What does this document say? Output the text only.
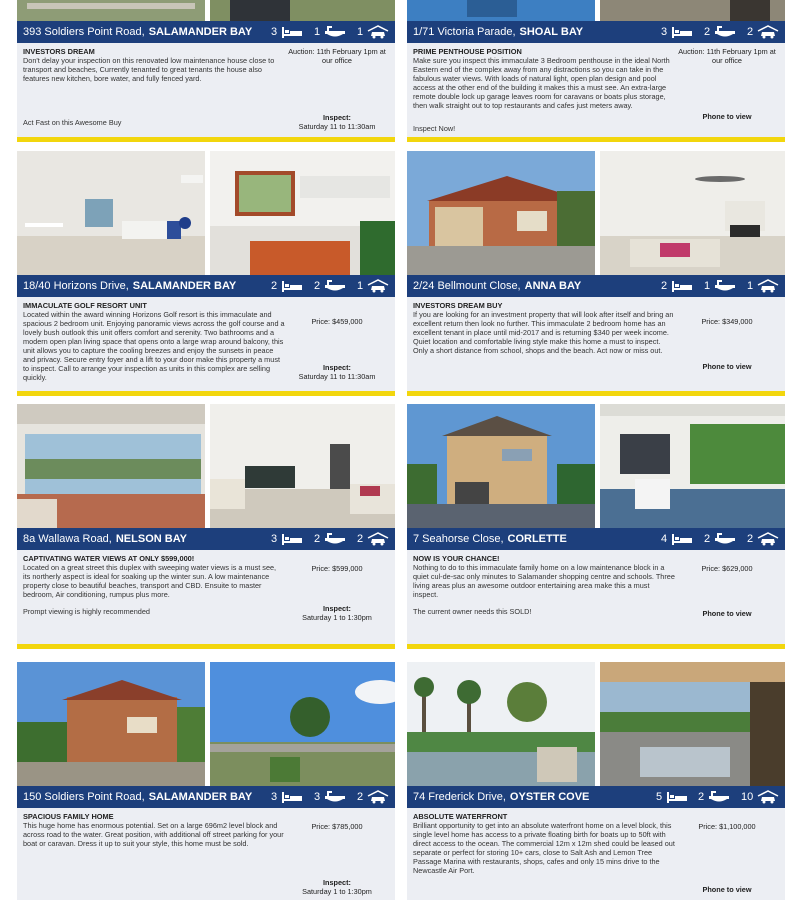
393 Soldiers Point Road, SALAMANDER BAY 3	1	1
INVESTORS DREAM
Don't delay your inspection on this renovated low maintenance house close to transport and beaches, Currently tenanted to great tenants the house also features new kitchen, bore water, and fully fenced yard.
Act Fast on this Awesome Buy
Auction: 11th February 1pm at our office
Inspect:
Saturday 11 to 11:30am
1/71 Victoria Parade, SHOAL BAY	3	2	2
PRIME PENTHOUSE POSITION
Make sure you inspect this immaculate 3 Bedroom penthouse in the ideal North Eastern end of the complex away from any distractions so you can take in the fabulous water views. With loads of natural light, open plan design and pool access at the other end of the building it makes this a must see. An extra-large remote double lock up garage leaves room for caravans or boats plus storage, then walk straight out to top restaurants and cafes just meters away.
Inspect Now!
Auction: 11th February 1pm at our office
Phone to view
18/40 Horizons Drive, SALAMANDER BAY	2	2	1
IMMACULATE GOLF RESORT UNIT
Located within the award winning Horizons Golf resort is this immaculate and spacious 2 bedroom unit. Enjoying panoramic views across the golf course and a lovely bush outlook this unit offers comfort and serenity. Two bathrooms and a modern open plan living space that opens onto a large wrap around balcony, this unit allows you to capture the cooling breezes and enjoy the sunsets in peace and privacy. Secure entry foyer and a lift to your door make this property a must to inspect. Call to arrange your inspection as units in this complex are selling quickly.
Price: $459,000
Inspect:
Saturday 11 to 11:30am
2/24 Bellmount Close, ANNA BAY	2	1	1
INVESTORS DREAM BUY
If you are looking for an investment property that will look after itself and bring an excellent return then look no further. This immaculate 2 bedroom home has an excellent tenant in place until mid-2017 and is returning $340 per week income. Quiet location and comfortable living style make this home a must to inspect. Only a short distance from school, shops and the beach. Act now or miss out.
Price: $349,000
Phone to view
8a Wallawa Road, NELSON BAY	3	2	2
CAPTIVATING WATER VIEWS AT ONLY $599,000!
Located on a great street this duplex with sweeping water views is a must see, its northerly aspect is ideal for soaking up the winter sun. A low maintenance property close to beautiful beaches, transport and CBD. Ensuite to master bedroom, Air conditioning, rumpus plus more.
Prompt viewing is highly recommended
Price: $599,000
Inspect:
Saturday 1 to 1:30pm
7 Seahorse Close, CORLETTE	4	2	2
NOW IS YOUR CHANCE!
Nothing to do to this immaculate family home on a low maintenance block in a quiet cul-de-sac only minutes to Salamander shopping centre and schools. Three living areas plus an awesome outdoor entertaining area make this a must inspect.
The current owner needs this SOLD!
Price: $629,000
Phone to view
150 Soldiers Point Road, SALAMANDER BAY 3	3	2
SPACIOUS FAMILY HOME
This huge home has enormous potential. Set on a large 696m2 level block and across road to the water. Great position, with additional off street parking for your boat or caravan. Dress it up to suit your style, this home must be sold.
Price: $785,000
Inspect:
Saturday 1 to 1:30pm
74 Frederick Drive, OYSTER COVE	5	2	10
ABSOLUTE WATERFRONT
Brilliant opportunity to get into an absolute waterfront home on a level block, this single level home has access to a private floating birth for boats up to 50ft with direct access to the ocean. The commercial 12m x 12m shed could be leased out separate or perfect for storing 10+ cars, close to Salt Ash and Lemon Tree Passage Marina with restaurants, shops, cafes and only 15 mins drive to the Newcastle Air Port.
Price: $1,100,000
Phone to view
